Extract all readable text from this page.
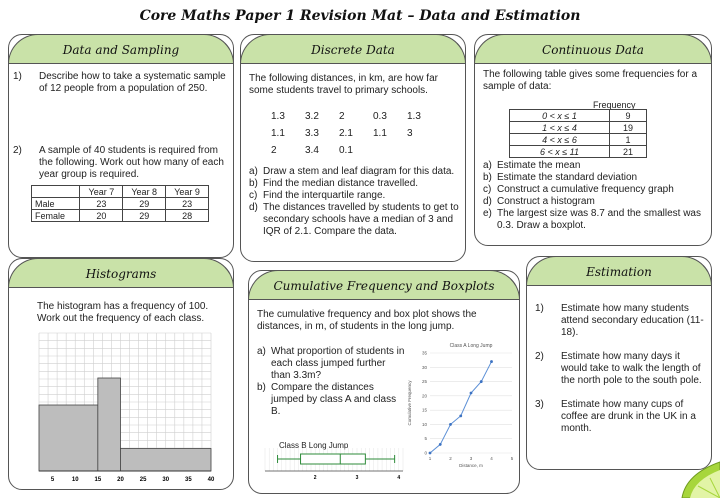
Core Maths Paper 1 Revision Mat – Data and Estimation
Data and Sampling
1) Describe how to take a systematic sample of 12 people from a population of 250.
2) A sample of 40 students is required from the following. Work out how many of each year group is required.
	Year 7	Year 8	Year 9
Male	23	29	23
Female	20	29	28
Discrete Data
The following distances, in km, are how far some students travel to primary schools.
1.3 3.2 2	0.3 1.3
1.1 3.3 2.1 1.1 3
2	3.4 0.1
a) Draw a stem and leaf diagram for this data.
b) Find the median distance travelled.
c) Find the interquartile range.
d) The distances travelled by students to get to secondary schools have a median of 3 and IQR of 2.1. Compare the data.
Continuous Data
The following table gives some frequencies for a sample of data:
Frequency
0 < x ≤ 1	9
1 < x ≤ 4	19
4 < x ≤ 6	1
6 < x ≤ 11	21
a) Estimate the mean
b) Estimate the standard deviation
c) Construct a cumulative frequency graph
d) Construct a histogram
e) The largest size was 8.7 and the smallest was 0.3. Draw a boxplot.
Histograms
The histogram has a frequency of 100. Work out the frequency of each class.
5	10	15	20	25	30	35	40
Cumulative Frequency and Boxplots
The cumulative frequency and box plot shows the distances, in m, of students in the long jump.
a) What proportion of students in each class jumped further than 3.3m?
b) Compare the distances jumped by class A and class B.
Class A Long Jump
0
5
10
15
20
25
30
35
1	2	3	4	5
Distance, m
Cumulative Frequency
Class B Long Jump
2	3	4
Estimation
1) Estimate how many students attend secondary education (11-18).
2) Estimate how many days it would take to walk the length of the north pole to the south pole.
3) Estimate how many cups of coffee are drunk in the UK in a month.
